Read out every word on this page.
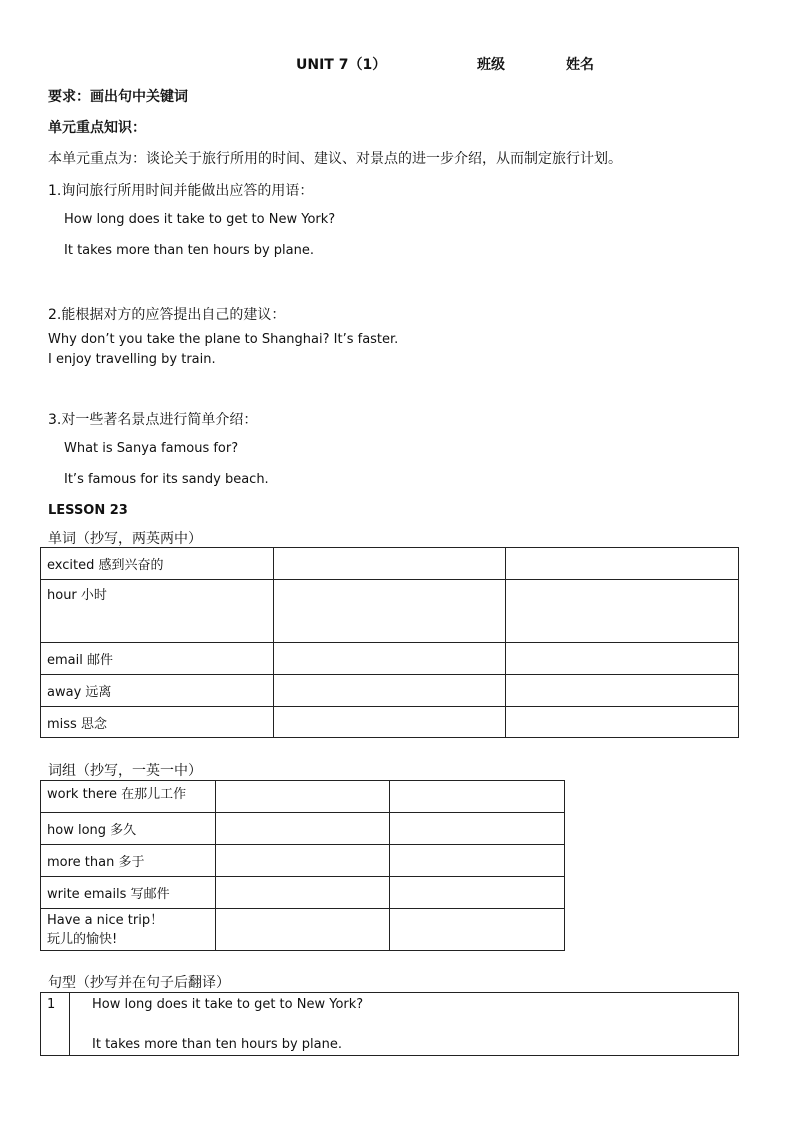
UNIT 7（1）	班级	姓名
要求：画出句中关键词
单元重点知识：
本单元重点为：谈论关于旅行所用的时间、建议、对景点的进一步介绍，从而制定旅行计划。
1.询问旅行所用时间并能做出应答的用语：
How long does it take to get to New York?
It takes more than ten hours by plane.
2.能根据对方的应答提出自己的建议：
Why don’t you take the plane to Shanghai? It’s faster.
I enjoy travelling by train.
3.对一些著名景点进行简单介绍：
What is Sanya famous for?
It’s famous for its sandy beach.
LESSON 23
单词（抄写，两英两中）
excited 感到兴奋的		
hour 小时		
email 邮件		
away 远离		
miss 思念		
词组（抄写，一英一中）
work there 在那儿工作		
how long 多久		
more than 多于		
write emails 写邮件		

Have a nice trip！
玩儿的愉快!		

句型（抄写并在句子后翻译）
1	How long does it take to get to New York?
It takes more than ten hours by plane.
